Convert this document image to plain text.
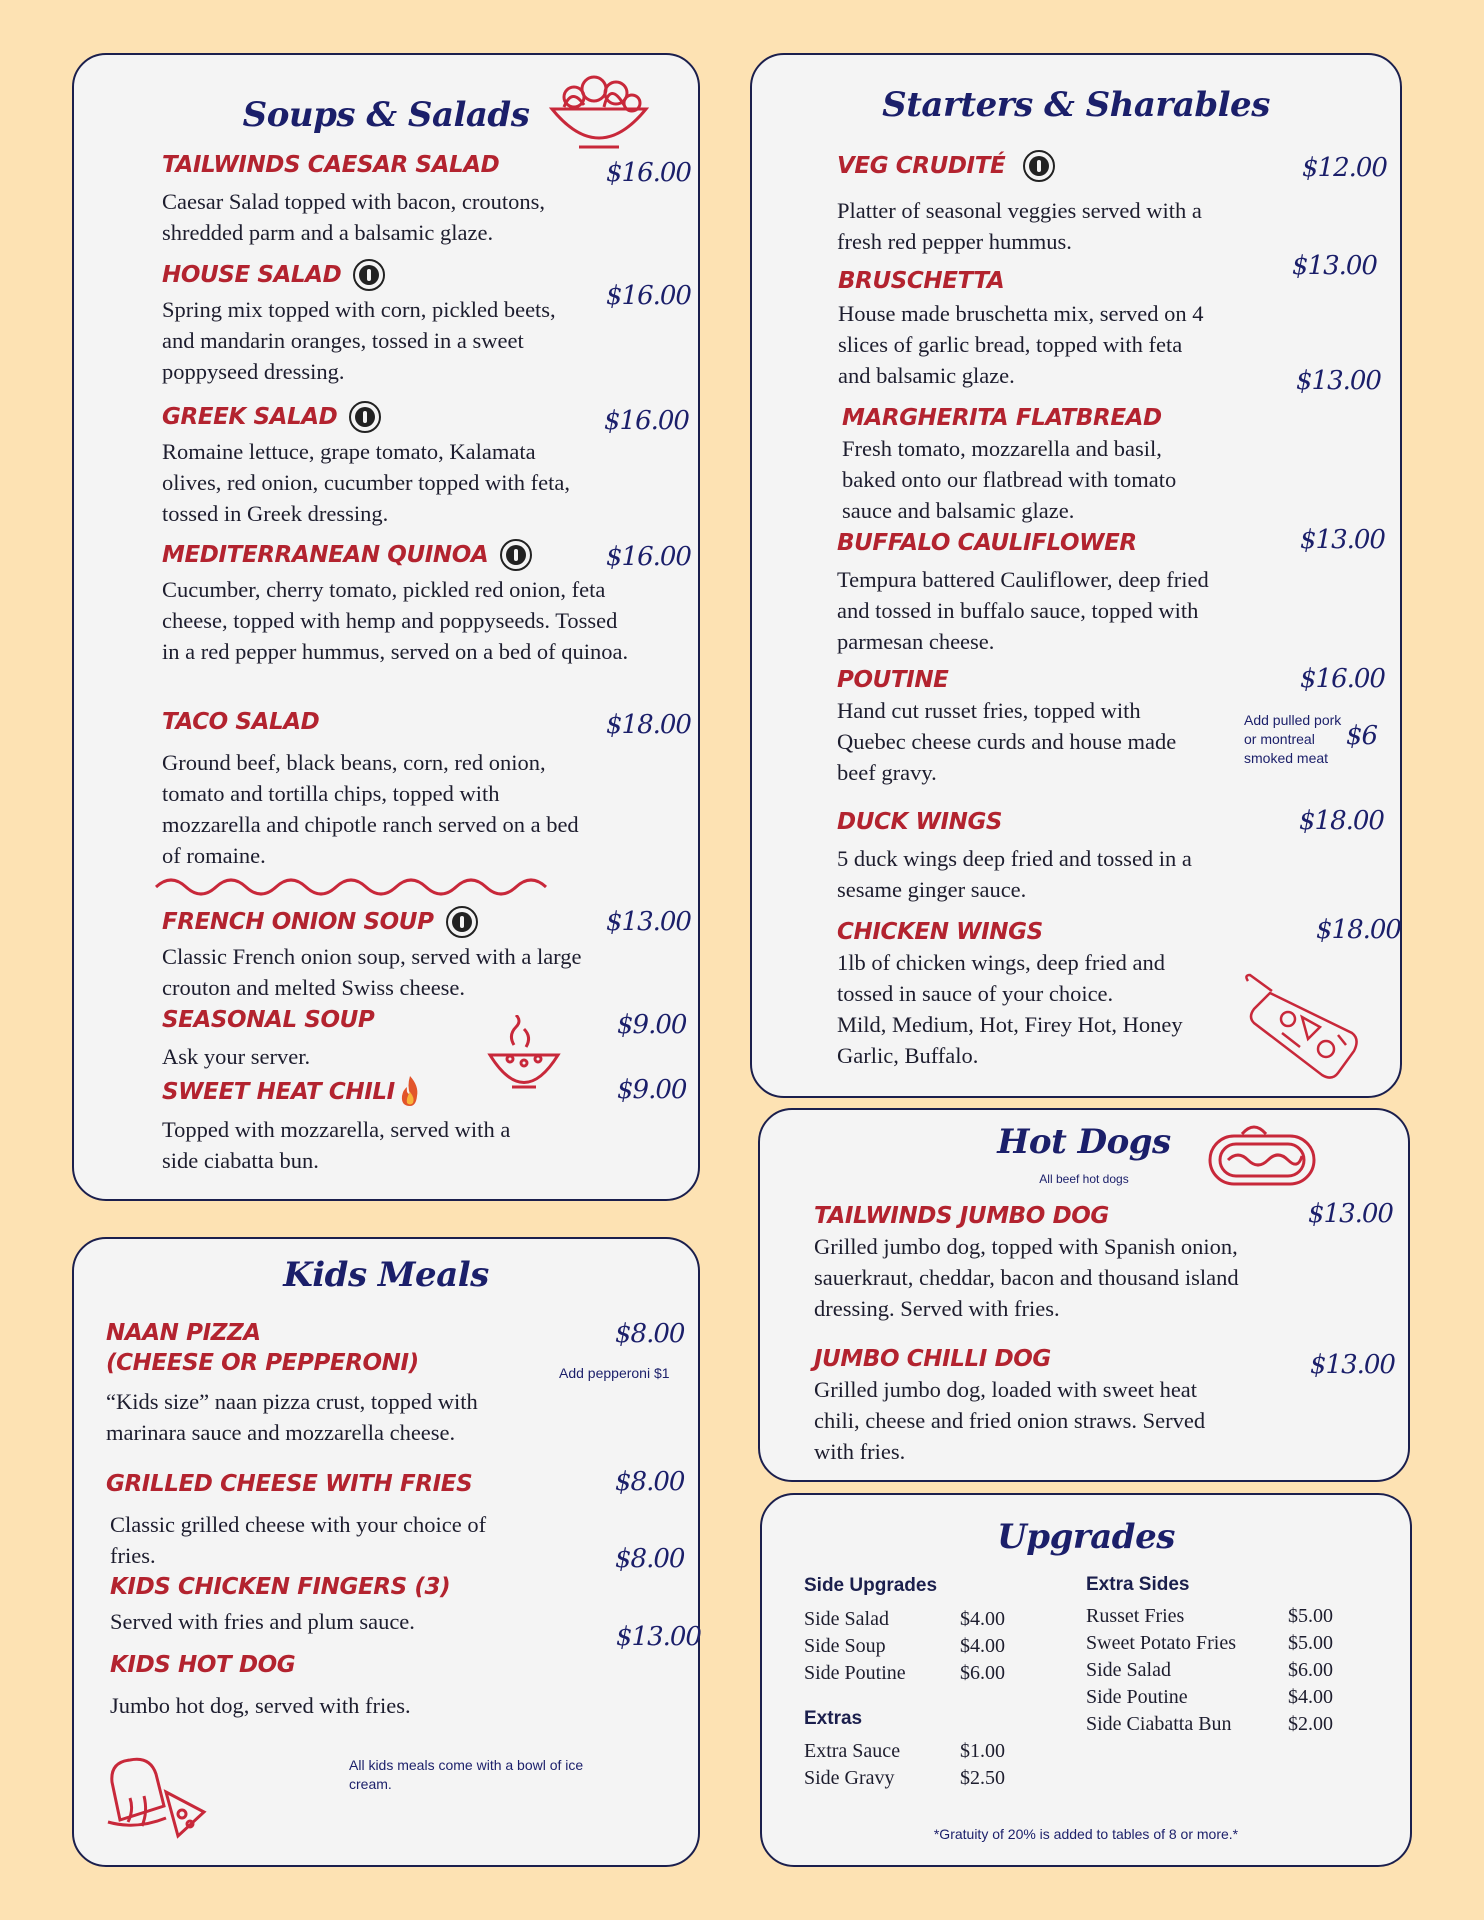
Soups & Salads
TAILWINDS CAESAR SALAD
Caesar Salad topped with bacon, croutons, shredded parm and a balsamic glaze.
$16.00
HOUSE SALAD
Spring mix topped with corn, pickled beets, and mandarin oranges, tossed in a sweet poppyseed dressing.
$16.00
GREEK SALAD
Romaine lettuce, grape tomato, Kalamata olives, red onion, cucumber topped with feta, tossed in Greek dressing.
$16.00
MEDITERRANEAN QUINOA
Cucumber, cherry tomato, pickled red onion, feta cheese, topped with hemp and poppyseeds. Tossed in a red pepper hummus, served on a bed of quinoa.
$16.00
TACO SALAD
Ground beef, black beans, corn, red onion, tomato and tortilla chips, topped with mozzarella and chipotle ranch served on a bed of romaine.
$18.00
FRENCH ONION SOUP
Classic French onion soup, served with a large crouton and melted Swiss cheese.
$13.00
SEASONAL SOUP
Ask your server.
$9.00
SWEET HEAT CHILI
Topped with mozzarella, served with a side ciabatta bun.
$9.00
Starters & Sharables
VEG CRUDITÉ
Platter of seasonal veggies served with a fresh red pepper hummus.
$12.00
BRUSCHETTA
House made bruschetta mix, served on 4 slices of garlic bread, topped with feta and balsamic glaze.
$13.00
MARGHERITA FLATBREAD
Fresh tomato, mozzarella and basil, baked onto our flatbread with tomato sauce and balsamic glaze.
$13.00
BUFFALO CAULIFLOWER
Tempura battered Cauliflower, deep fried and tossed in buffalo sauce, topped with parmesan cheese.
$13.00
POUTINE
Hand cut russet fries, topped with Quebec cheese curds and house made beef gravy.
$16.00
Add pulled pork or montreal smoked meat
$6
DUCK WINGS
5 duck wings deep fried and tossed in a sesame ginger sauce.
$18.00
CHICKEN WINGS
1lb of chicken wings, deep fried and tossed in sauce of your choice.
Mild, Medium, Hot, Firey Hot, Honey Garlic, Buffalo.
$18.00
Hot Dogs
All beef hot dogs
TAILWINDS JUMBO DOG
Grilled jumbo dog, topped with Spanish onion, sauerkraut, cheddar, bacon and thousand island dressing. Served with fries.
$13.00
JUMBO CHILLI DOG
Grilled jumbo dog, loaded with sweet heat chili, cheese and fried onion straws. Served with fries.
$13.00
Kids Meals
NAAN PIZZA
(CHEESE OR PEPPERONI)
“Kids size” naan pizza crust, topped with marinara sauce and mozzarella cheese.
$8.00
Add pepperoni $1
GRILLED CHEESE WITH FRIES
Classic grilled cheese with your choice of fries.
$8.00
KIDS CHICKEN FINGERS (3)
Served with fries and plum sauce.
$8.00
KIDS HOT DOG
Jumbo hot dog, served with fries.
$13.00
All kids meals come with a bowl of ice cream.
Upgrades
Side Upgrades
Side Salad	$4.00
Side Soup	$4.00
Side Poutine	$6.00
Extras
Extra Sauce	$1.00
Side Gravy	$2.50
Extra Sides
Russet Fries	$5.00
Sweet Potato Fries	$5.00
Side Salad	$6.00
Side Poutine	$4.00
Side Ciabatta Bun	$2.00
*Gratuity of 20% is added to tables of 8 or more.*
